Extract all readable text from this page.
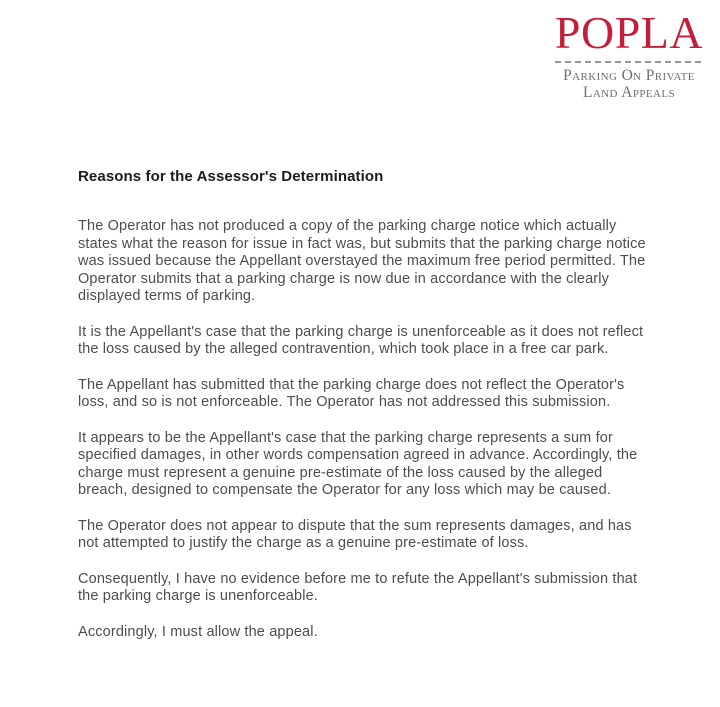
POPLA
Parking On Private
Land Appeals
Reasons for the Assessor's Determination

The Operator has not produced a copy of the parking charge notice which actually states what the reason for issue in fact was, but submits that the parking charge notice was issued because the Appellant overstayed the maximum free period permitted. The Operator submits that a parking charge is now due in accordance with the clearly displayed terms of parking.

It is the Appellant's case that the parking charge is unenforceable as it does not reflect the loss caused by the alleged contravention, which took place in a free car park.

The Appellant has submitted that the parking charge does not reflect the Operator's loss, and so is not enforceable. The Operator has not addressed this submission.

It appears to be the Appellant's case that the parking charge represents a sum for specified damages, in other words compensation agreed in advance. Accordingly, the charge must represent a genuine pre-estimate of the loss caused by the alleged breach, designed to compensate the Operator for any loss which may be caused.

The Operator does not appear to dispute that the sum represents damages, and has not attempted to justify the charge as a genuine pre-estimate of loss.

Consequently, I have no evidence before me to refute the Appellant's submission that the parking charge is unenforceable.

Accordingly, I must allow the appeal.
